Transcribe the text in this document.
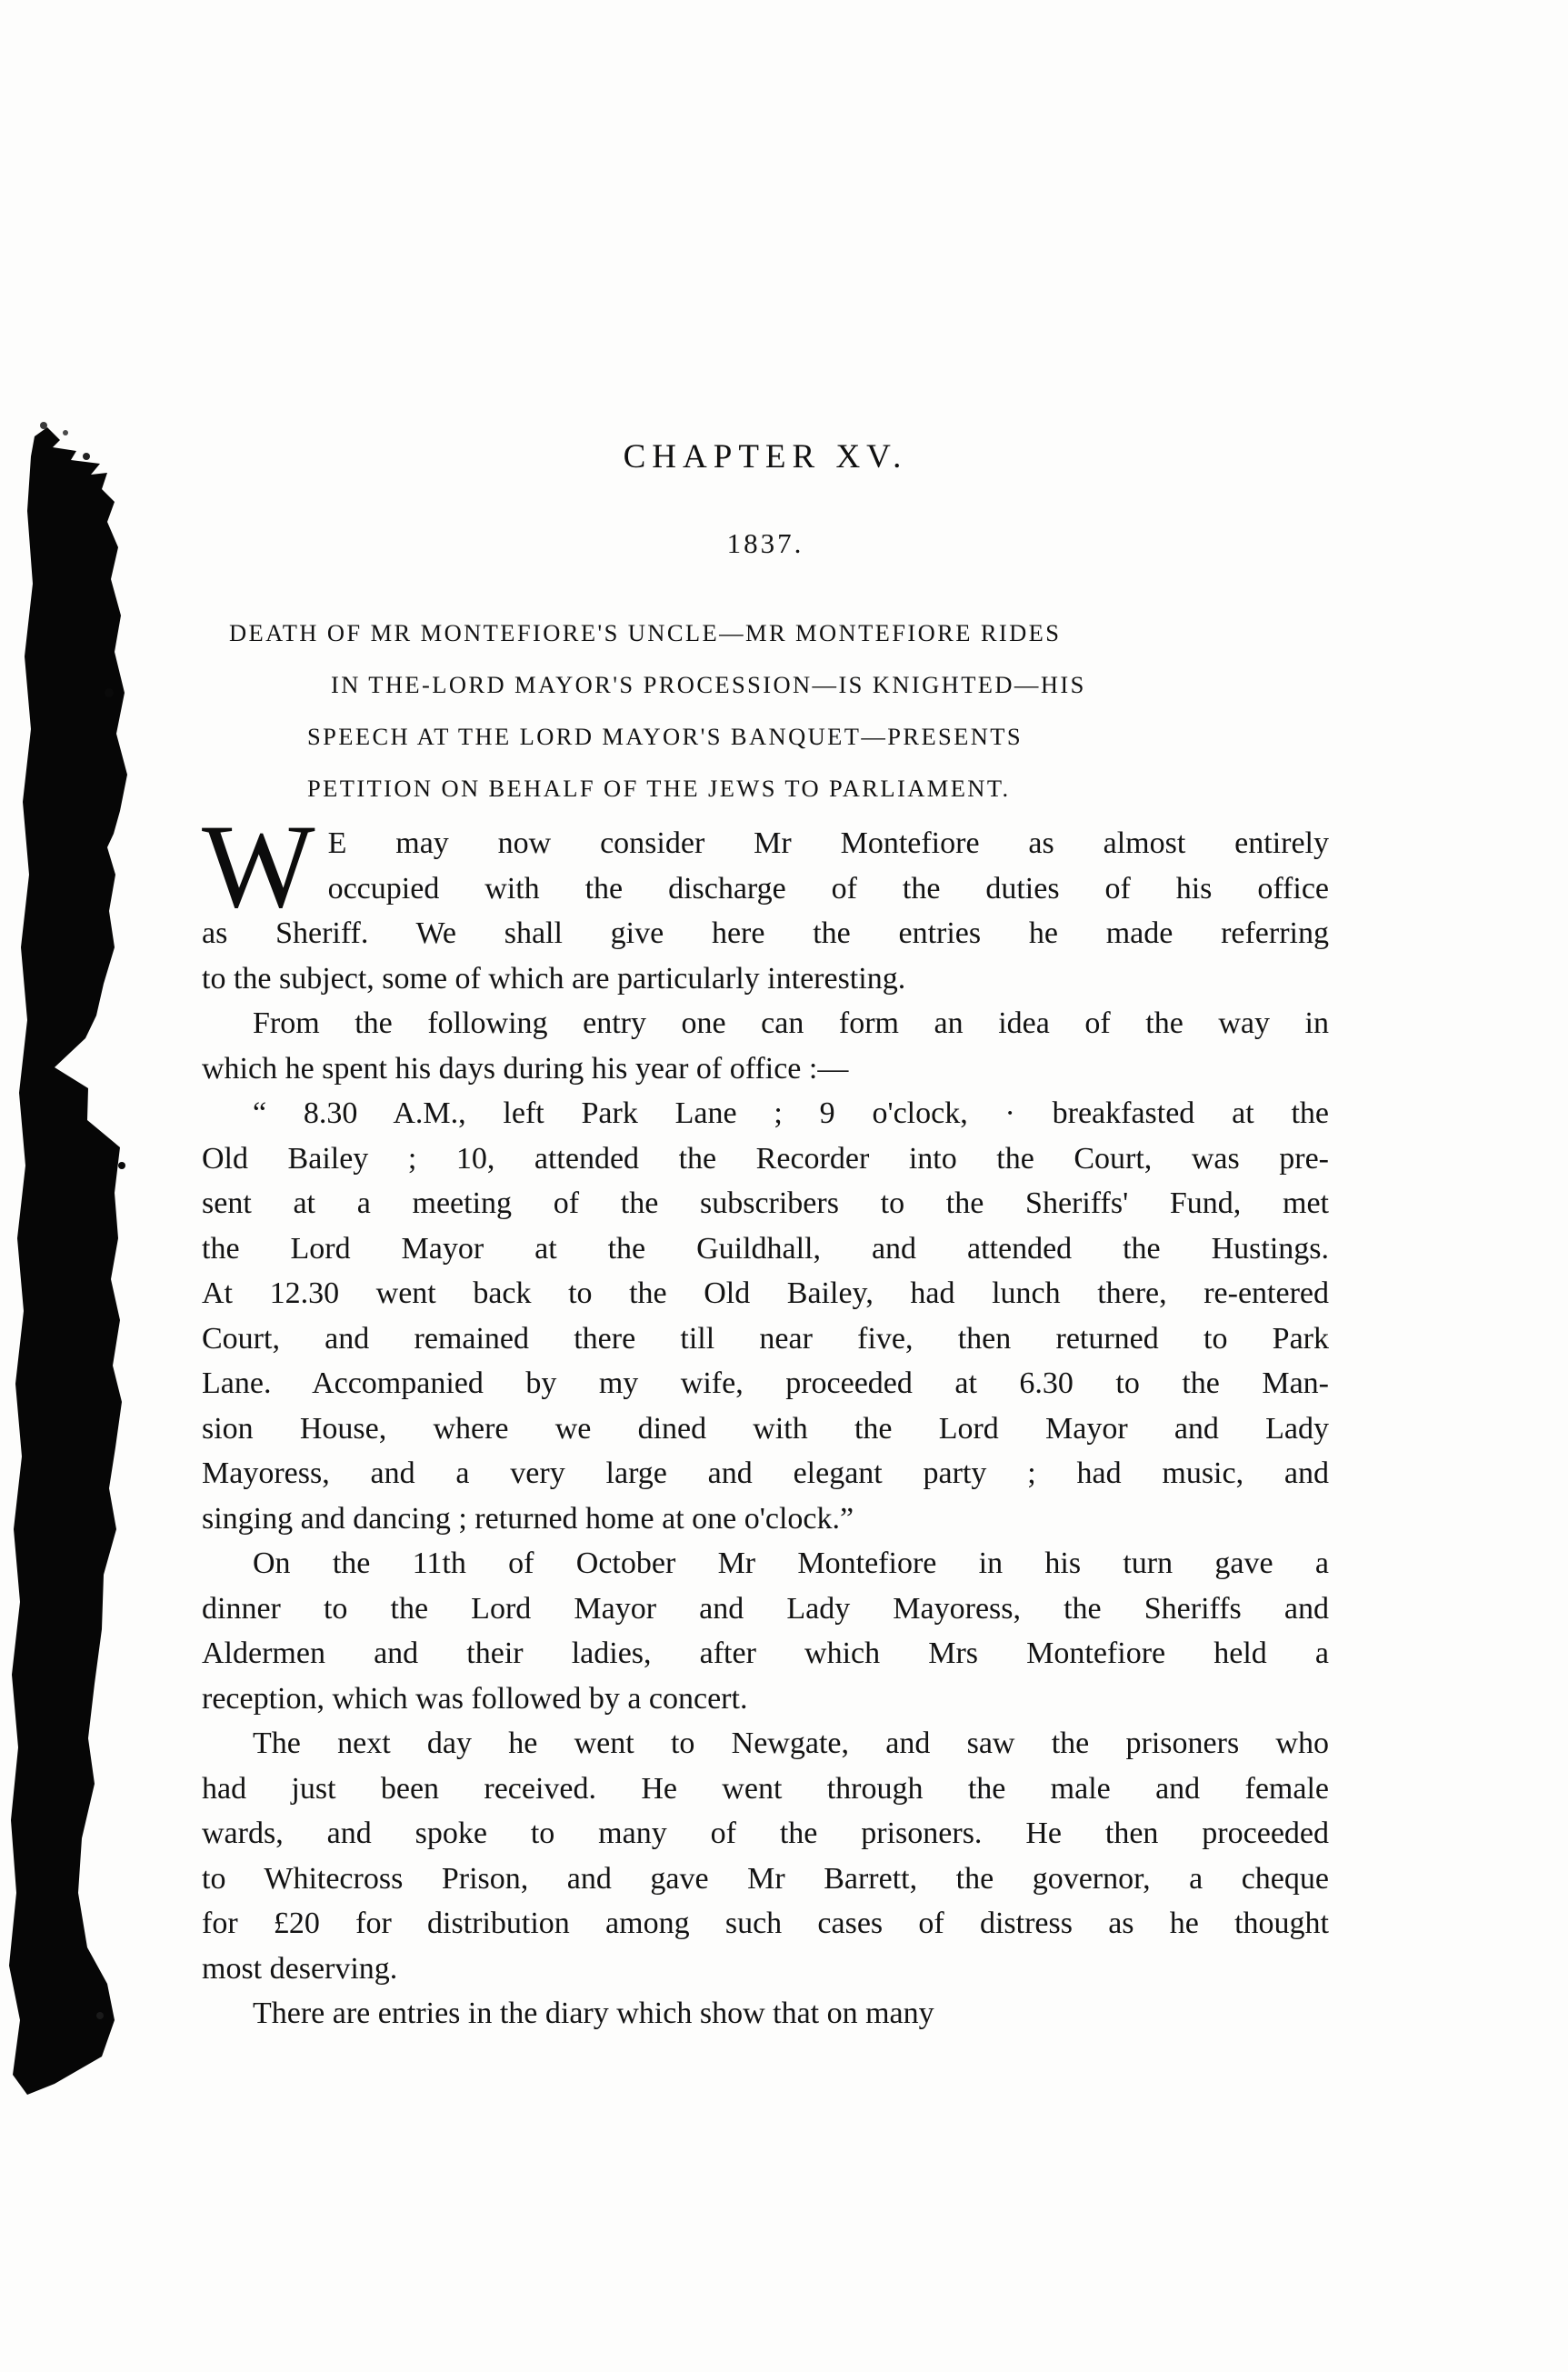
CHAPTER XV.
1837.
DEATH OF MR MONTEFIORE'S UNCLE—MR MONTEFIORE RIDES
IN THE-LORD MAYOR'S PROCESSION—IS KNIGHTED—HIS
SPEECH AT THE LORD MAYOR'S BANQUET—PRESENTS
PETITION ON BEHALF OF THE JEWS TO PARLIAMENT.
W E may now consider Mr Montefiore as almost entirely
occupied with the discharge of the duties of his office
as Sheriff. We shall give here the entries he made referring
to the subject, some of which are particularly interesting.
From the following entry one can form an idea of the way in
which he spent his days during his year of office :—
“ 8.30 A.M., left Park Lane ; 9 o'clock, · breakfasted at the
Old Bailey ; 10, attended the Recorder into the Court, was pre-
sent at a meeting of the subscribers to the Sheriffs' Fund, met
the Lord Mayor at the Guildhall, and attended the Hustings.
At 12.30 went back to the Old Bailey, had lunch there, re-entered
Court, and remained there till near five, then returned to Park
Lane. Accompanied by my wife, proceeded at 6.30 to the Man-
sion House, where we dined with the Lord Mayor and Lady
Mayoress, and a very large and elegant party ; had music, and
singing and dancing ; returned home at one o'clock.”
On the 11th of October Mr Montefiore in his turn gave a
dinner to the Lord Mayor and Lady Mayoress, the Sheriffs and
Aldermen and their ladies, after which Mrs Montefiore held a
reception, which was followed by a concert.
The next day he went to Newgate, and saw the prisoners who
had just been received. He went through the male and female
wards, and spoke to many of the prisoners. He then proceeded
to Whitecross Prison, and gave Mr Barrett, the governor, a cheque
for £20 for distribution among such cases of distress as he thought
most deserving.
There are entries in the diary which show that on many
